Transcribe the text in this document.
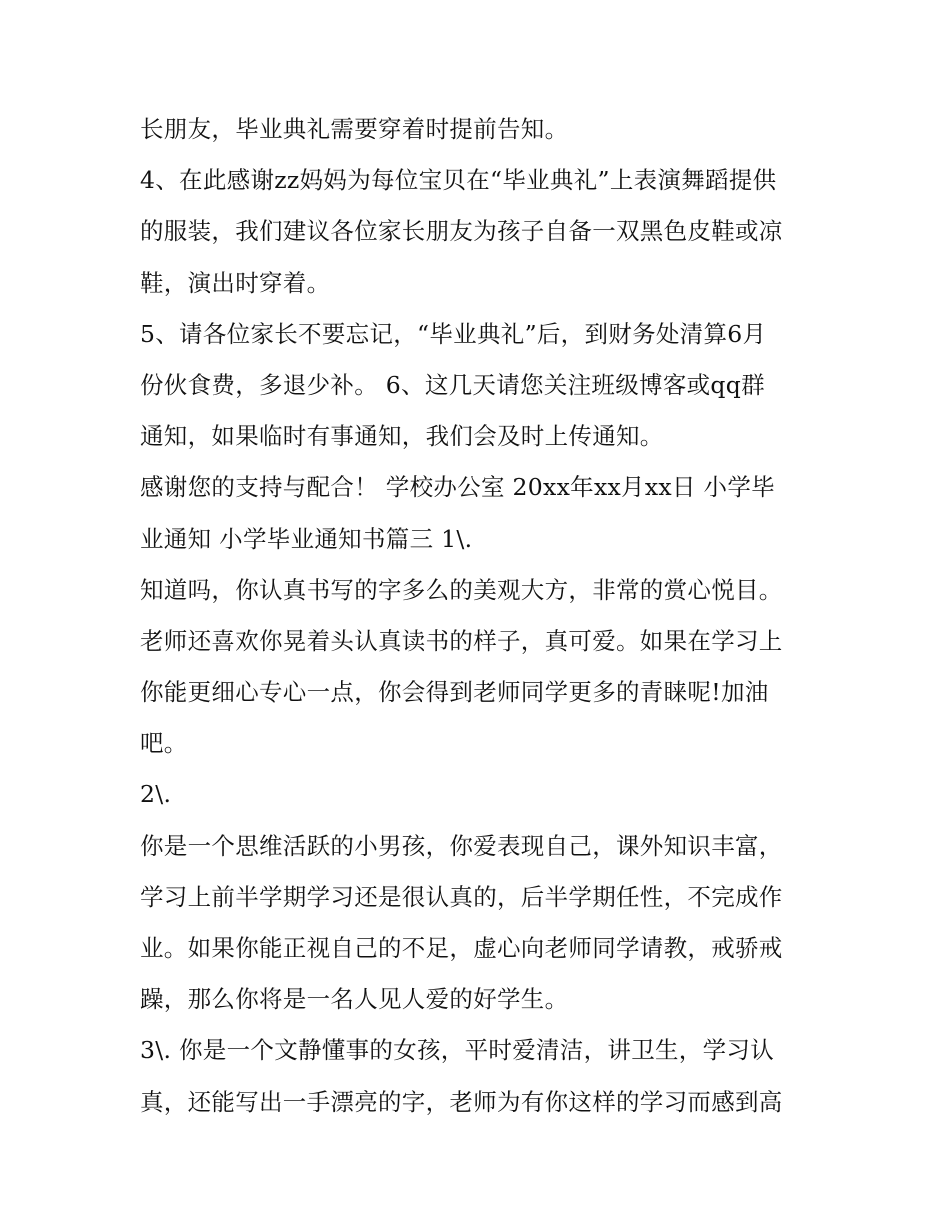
长朋友，毕业典礼需要穿着时提前告知。
4、在此感谢zz妈妈为每位宝贝在“毕业典礼”上表演舞蹈提供
的服装，我们建议各位家长朋友为孩子自备一双黑色皮鞋或凉
鞋，演出时穿着。
5、请各位家长不要忘记，“毕业典礼”后，到财务处清算6月
份伙食费，多退少补。 6、这几天请您关注班级博客或qq群
通知，如果临时有事通知，我们会及时上传通知。
感谢您的支持与配合！ 学校办公室 20xx年xx月xx日 小学毕
业通知 小学毕业通知书篇三 1\.
知道吗，你认真书写的字多么的美观大方，非常的赏心悦目。
老师还喜欢你晃着头认真读书的样子，真可爱。如果在学习上
你能更细心专心一点，你会得到老师同学更多的青睐呢!加油
吧。
2\.
你是一个思维活跃的小男孩，你爱表现自己，课外知识丰富，
学习上前半学期学习还是很认真的，后半学期任性，不完成作
业。如果你能正视自己的不足，虚心向老师同学请教，戒骄戒
躁，那么你将是一名人见人爱的好学生。
3\. 你是一个文静懂事的女孩，平时爱清洁，讲卫生，学习认
真，还能写出一手漂亮的字，老师为有你这样的学习而感到高
